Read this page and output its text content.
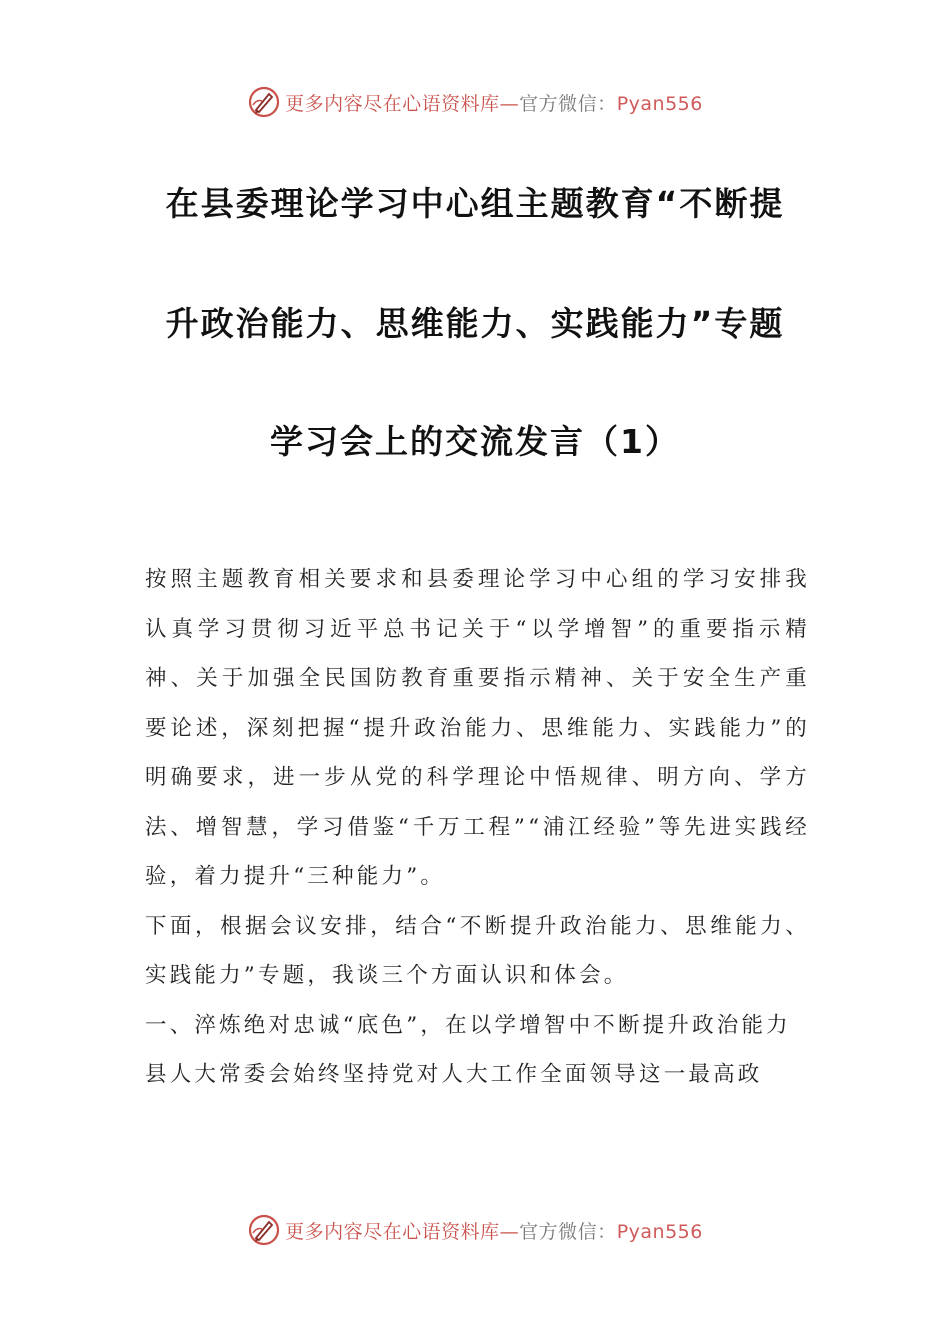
更多内容尽在心语资料库—官方微信：Pyan556
在县委理论学习中心组主题教育“不断提
升政治能力、思维能力、实践能力”专题
学习会上的交流发言（1）

按照主题教育相关要求和县委理论学习中心组的学习安排我认真学习贯彻习近平总书记关于“以学增智”的重要指示精神、关于加强全民国防教育重要指示精神、关于安全生产重要论述，深刻把握“提升政治能力、思维能力、实践能力”的明确要求，进一步从党的科学理论中悟规律、明方向、学方法、增智慧，学习借鉴“千万工程”“浦江经验”等先进实践经验，着力提升“三种能力”。

下面，根据会议安排，结合“不断提升政治能力、思维能力、实践能力”专题，我谈三个方面认识和体会。

一、淬炼绝对忠诚“底色”，在以学增智中不断提升政治能力

县人大常委会始终坚持党对人大工作全面领导这一最高政

更多内容尽在心语资料库—官方微信：Pyan556
